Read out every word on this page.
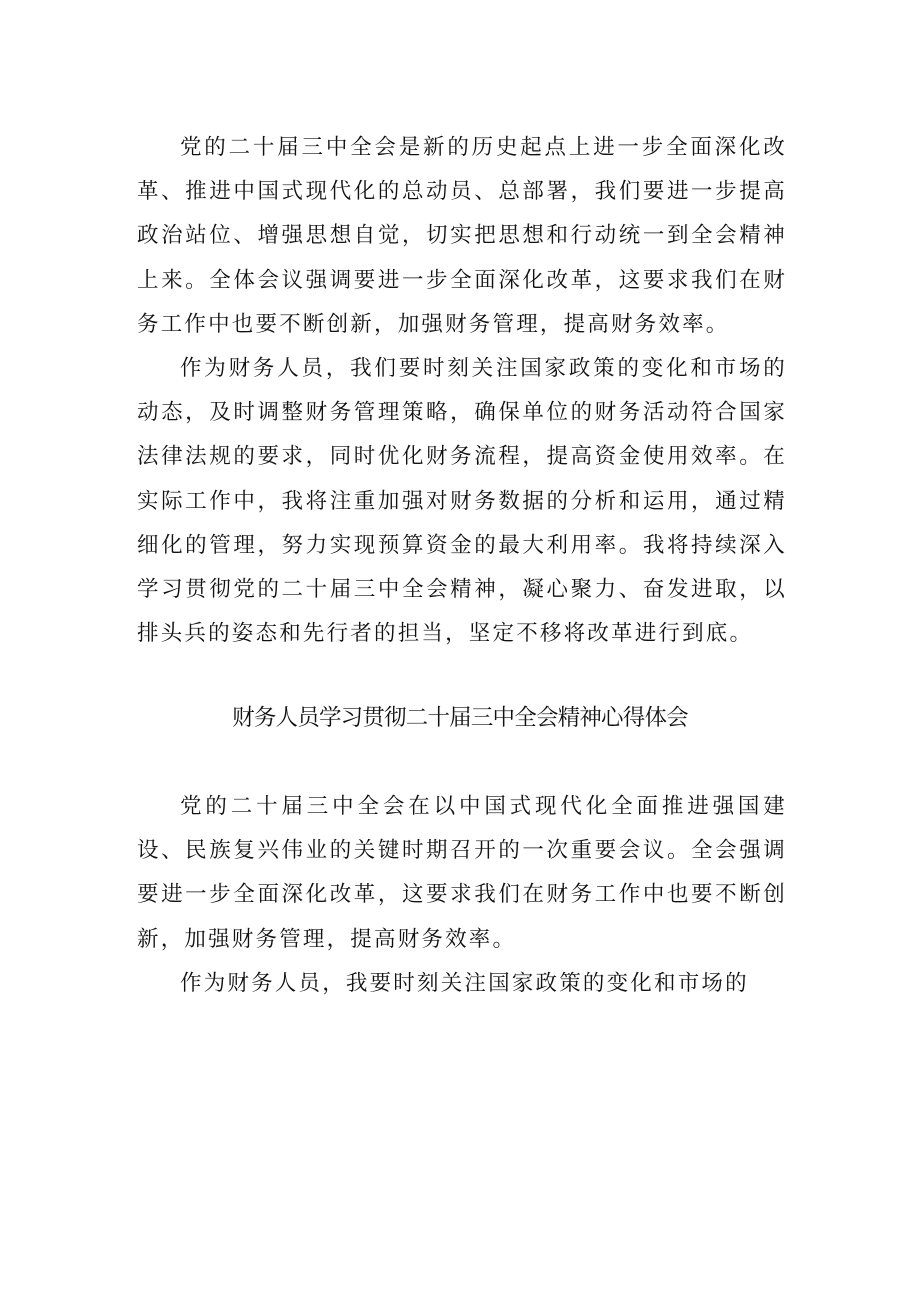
党的二十届三中全会是新的历史起点上进一步全面深化改革、推进中国式现代化的总动员、总部署，我们要进一步提高政治站位、增强思想自觉，切实把思想和行动统一到全会精神上来。全体会议强调要进一步全面深化改革，这要求我们在财务工作中也要不断创新，加强财务管理，提高财务效率。

作为财务人员，我们要时刻关注国家政策的变化和市场的动态，及时调整财务管理策略，确保单位的财务活动符合国家法律法规的要求，同时优化财务流程，提高资金使用效率。在实际工作中，我将注重加强对财务数据的分析和运用，通过精细化的管理，努力实现预算资金的最大利用率。我将持续深入学习贯彻党的二十届三中全会精神，凝心聚力、奋发进取，以排头兵的姿态和先行者的担当，坚定不移将改革进行到底。

财务人员学习贯彻二十届三中全会精神心得体会

党的二十届三中全会在以中国式现代化全面推进强国建设、民族复兴伟业的关键时期召开的一次重要会议。全会强调要进一步全面深化改革，这要求我们在财务工作中也要不断创新，加强财务管理，提高财务效率。

作为财务人员，我要时刻关注国家政策的变化和市场的
